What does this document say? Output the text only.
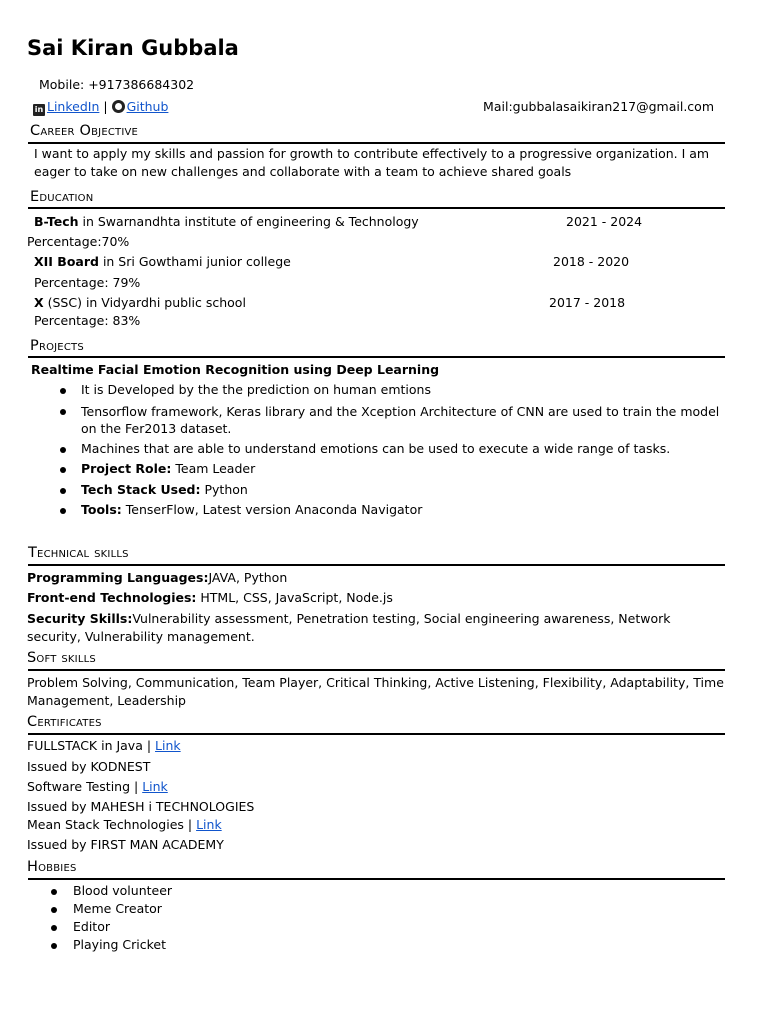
Sai Kiran Gubbala
Mobile: +917386684302
in LinkedIn | Github	Mail:gubbalasaikiran217@gmail.com
Career Objective
I want to apply my skills and passion for growth to contribute effectively to a progressive organization. I am eager to take on new challenges and collaborate with a team to achieve shared goals
Education
B-Tech in Swarnandhta institute of engineering & Technology	2021 - 2024
Percentage:70%
XII Board in Sri Gowthami junior college	2018 - 2020
Percentage: 79%
X (SSC) in Vidyardhi public school	2017 - 2018
Percentage: 83%
Projects
Realtime Facial Emotion Recognition using Deep Learning
It is Developed by the the prediction on human emtions
Tensorflow framework, Keras library and the Xception Architecture of CNN are used to train the model on the Fer2013 dataset.
Machines that are able to understand emotions can be used to execute a wide range of tasks.
Project Role: Team Leader
Tech Stack Used: Python
Tools: TenserFlow, Latest version Anaconda Navigator
Technical skills
Programming Languages:JAVA, Python
Front-end Technologies: HTML, CSS, JavaScript, Node.js
Security Skills:Vulnerability assessment, Penetration testing, Social engineering awareness, Network security, Vulnerability management.
Soft skills
Problem Solving, Communication, Team Player, Critical Thinking, Active Listening, Flexibility, Adaptability, Time Management, Leadership
Certificates
FULLSTACK in Java | Link
Issued by KODNEST
Software Testing | Link
Issued by MAHESH i TECHNOLOGIES
Mean Stack Technologies | Link
Issued by FIRST MAN ACADEMY
Hobbies
Blood volunteer
Meme Creator
Editor
Playing Cricket
